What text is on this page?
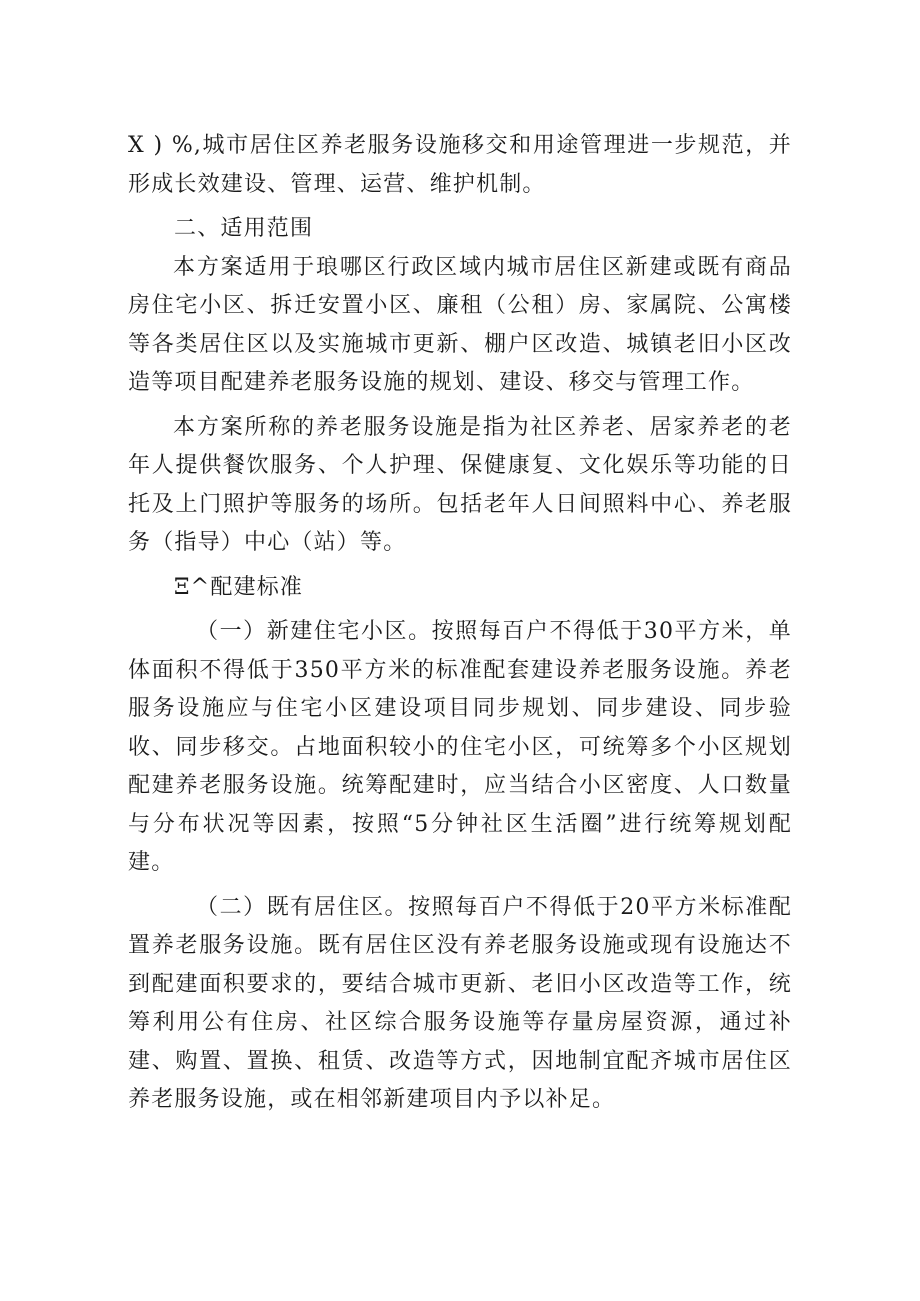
X ) %,城市居住区养老服务设施移交和用途管理进一步规范，并形成长效建设、管理、运营、维护机制。

二、适用范围

本方案适用于琅哪区行政区域内城市居住区新建或既有商品房住宅小区、拆迁安置小区、廉租（公租）房、家属院、公寓楼等各类居住区以及实施城市更新、棚户区改造、城镇老旧小区改造等项目配建养老服务设施的规划、建设、移交与管理工作。

本方案所称的养老服务设施是指为社区养老、居家养老的老年人提供餐饮服务、个人护理、保健康复、文化娱乐等功能的日托及上门照护等服务的场所。包括老年人日间照料中心、养老服务（指导）中心（站）等。

Ξ^配建标准

（一）新建住宅小区。按照每百户不得低于30平方米，单体面积不得低于350平方米的标准配套建设养老服务设施。养老服务设施应与住宅小区建设项目同步规划、同步建设、同步验收、同步移交。占地面积较小的住宅小区，可统筹多个小区规划配建养老服务设施。统筹配建时，应当结合小区密度、人口数量与分布状况等因素，按照“5分钟社区生活圈”进行统筹规划配建。

（二）既有居住区。按照每百户不得低于20平方米标准配置养老服务设施。既有居住区没有养老服务设施或现有设施达不到配建面积要求的，要结合城市更新、老旧小区改造等工作，统筹利用公有住房、社区综合服务设施等存量房屋资源，通过补建、购置、置换、租赁、改造等方式，因地制宜配齐城市居住区养老服务设施，或在相邻新建项目内予以补足。
